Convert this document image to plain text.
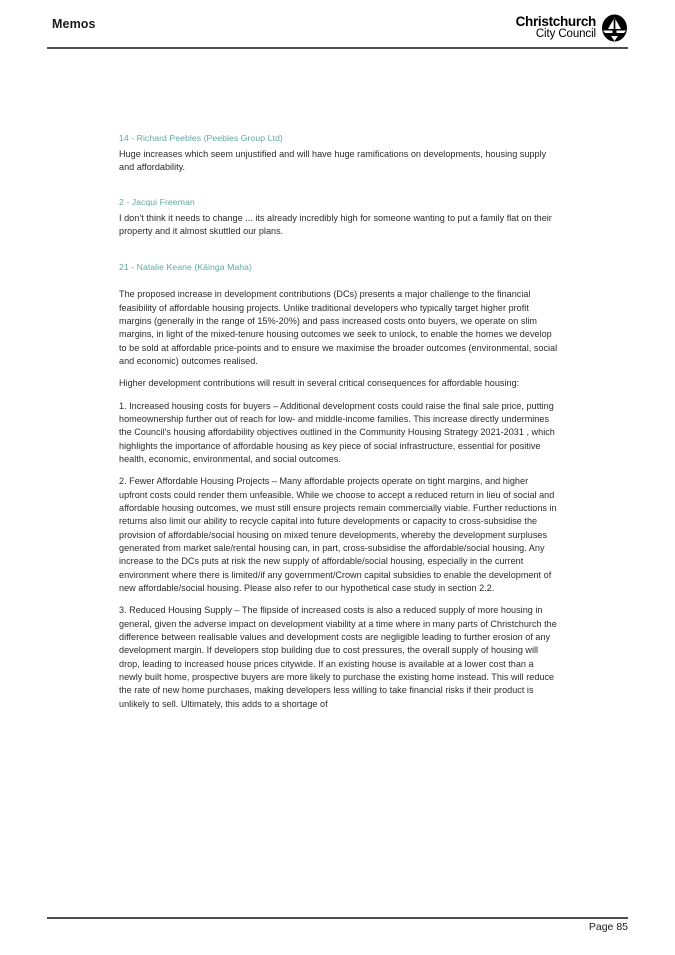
Memos	Christchurch
City Council

14 - Richard Peebles (Peebles Group Ltd)

Huge increases which seem unjustified and will have huge ramifications on developments, housing supply and affordability.

2 - Jacqui Freeman

I don’t think it needs to change ... its already incredibly high for someone wanting to put a family flat on their property and it almost skuttled our plans.

21 - Natalie Keane (Kāinga Maha)

The proposed increase in development contributions (DCs) presents a major challenge to the financial feasibility of affordable housing projects. Unlike traditional developers who typically target higher profit margins (generally in the range of 15%-20%) and pass increased costs onto buyers, we operate on slim margins, in light of the mixed-tenure housing outcomes we seek to unlock, to enable the homes we develop to be sold at affordable price-points and to ensure we maximise the broader outcomes (environmental, social and economic) outcomes realised.

Higher development contributions will result in several critical consequences for affordable housing:

1. Increased housing costs for buyers – Additional development costs could raise the final sale price, putting homeownership further out of reach for low- and middle-income families. This increase directly undermines the Council's housing affordability objectives outlined in the Community Housing Strategy 2021-2031 , which highlights the importance of affordable housing as key piece of social infrastructure, essential for positive health, economic, environmental, and social outcomes.

2. Fewer Affordable Housing Projects – Many affordable projects operate on tight margins, and higher upfront costs could render them unfeasible. While we choose to accept a reduced return in lieu of social and affordable housing outcomes, we must still ensure projects remain commercially viable. Further reductions in returns also limit our ability to recycle capital into future developments or capacity to cross-subsidise the provision of affordable/social housing on mixed tenure developments, whereby the development surpluses generated from market sale/rental housing can, in part, cross-subsidise the affordable/social housing. Any increase to the DCs puts at risk the new supply of affordable/social housing, especially in the current environment where there is limited/if any government/Crown capital subsidies to enable the development of new affordable/social housing. Please also refer to our hypothetical case study in section 2.2.

3. Reduced Housing Supply – The flipside of increased costs is also a reduced supply of more housing in general, given the adverse impact on development viability at a time where in many parts of Christchurch the difference between realisable values and development costs are negligible leading to further erosion of any development margin. If developers stop building due to cost pressures, the overall supply of housing will drop, leading to increased house prices citywide. If an existing house is available at a lower cost than a newly built home, prospective buyers are more likely to purchase the existing home instead. This will reduce the rate of new home purchases, making developers less willing to take financial risks if their product is unlikely to sell. Ultimately, this adds to a shortage of

Page 85
